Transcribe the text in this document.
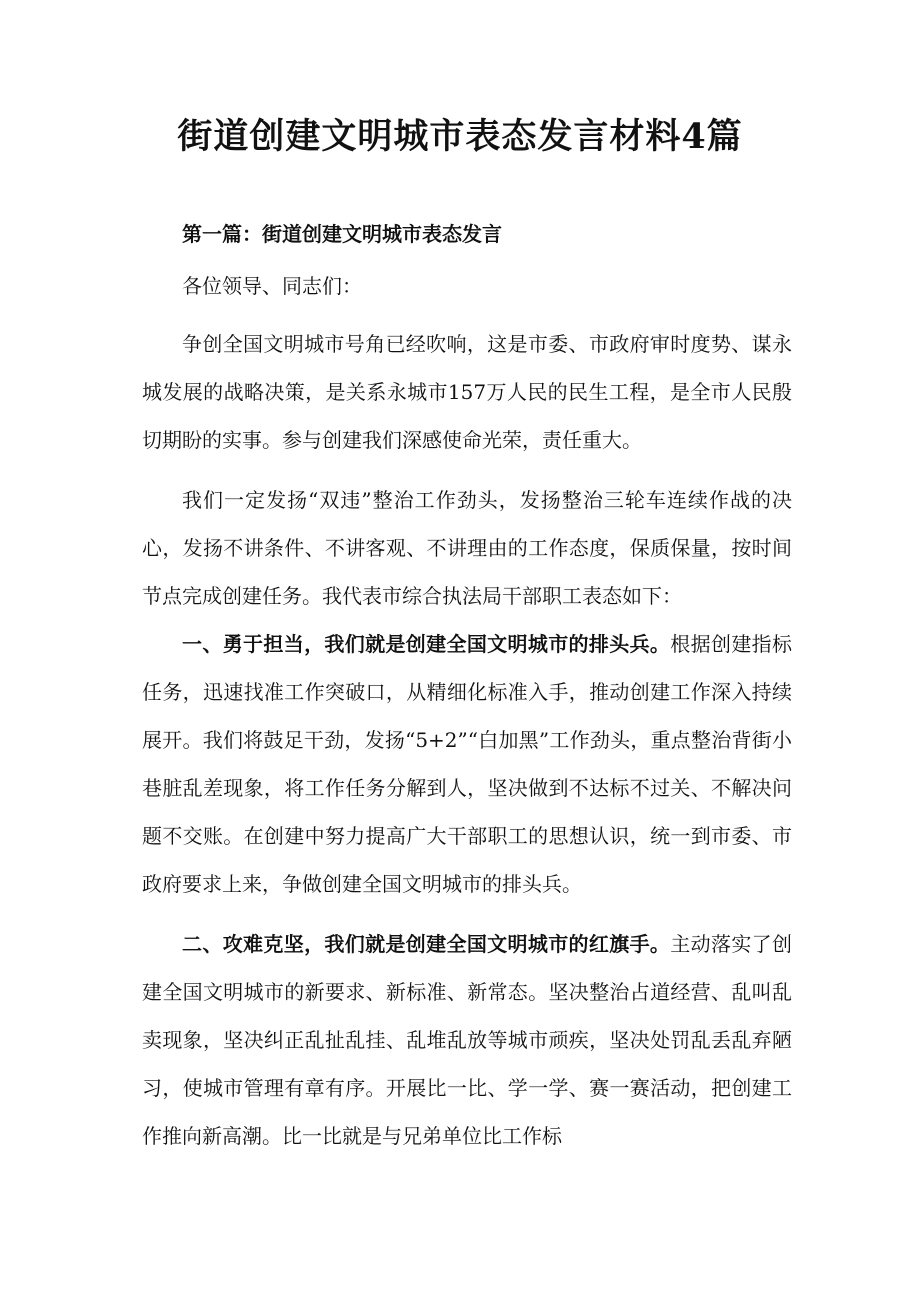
街道创建文明城市表态发言材料4篇
第一篇：街道创建文明城市表态发言
各位领导、同志们：

争创全国文明城市号角已经吹响，这是市委、市政府审时度势、谋永城发展的战略决策，是关系永城市157万人民的民生工程，是全市人民殷切期盼的实事。参与创建我们深感使命光荣，责任重大。

我们一定发扬“双违”整治工作劲头，发扬整治三轮车连续作战的决心，发扬不讲条件、不讲客观、不讲理由的工作态度，保质保量，按时间节点完成创建任务。我代表市综合执法局干部职工表态如下：

一、勇于担当，我们就是创建全国文明城市的排头兵。根据创建指标任务，迅速找准工作突破口，从精细化标准入手，推动创建工作深入持续展开。我们将鼓足干劲，发扬“5+2”“白加黑”工作劲头，重点整治背街小巷脏乱差现象，将工作任务分解到人，坚决做到不达标不过关、不解决问题不交账。在创建中努力提高广大干部职工的思想认识，统一到市委、市政府要求上来，争做创建全国文明城市的排头兵。

二、攻难克坚，我们就是创建全国文明城市的红旗手。主动落实了创建全国文明城市的新要求、新标准、新常态。坚决整治占道经营、乱叫乱卖现象，坚决纠正乱扯乱挂、乱堆乱放等城市顽疾，坚决处罚乱丢乱弃陋习，使城市管理有章有序。开展比一比、学一学、赛一赛活动，把创建工作推向新高潮。比一比就是与兄弟单位比工作标
